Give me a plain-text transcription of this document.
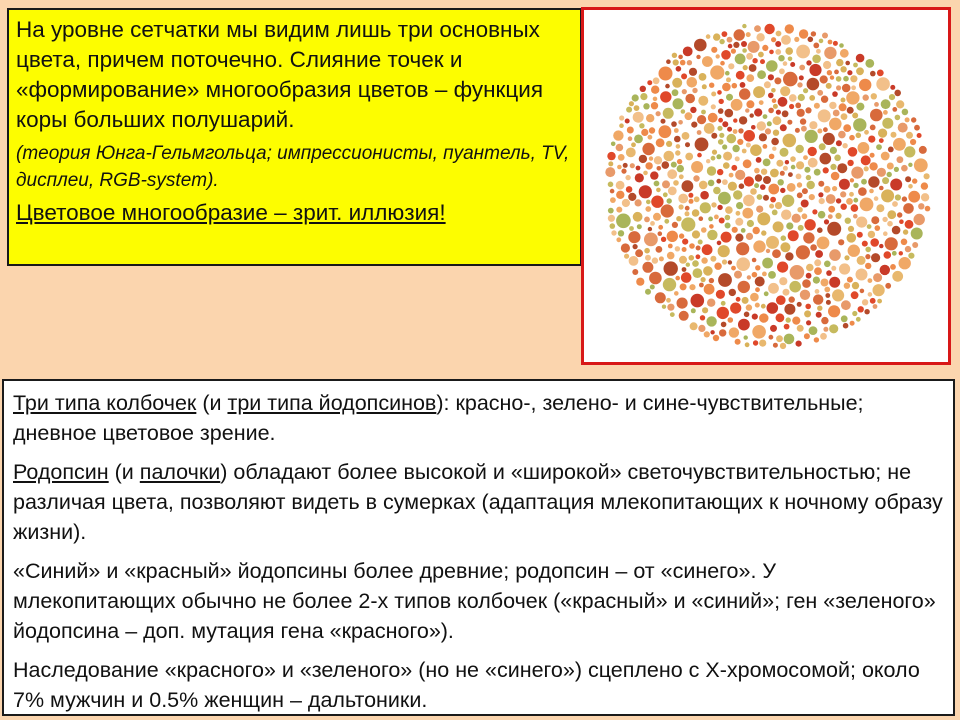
На уровне сетчатки мы видим лишь три основных цвета, причем поточечно. Слияние точек и «формирование» многообразия цветов – функция коры больших полушарий.

(теория Юнга-Гельмгольца; импрессионисты, пуантель, TV, дисплеи, RGB-system).

Цветовое многообразие – зрит. иллюзия!

Три типа колбочек (и три типа йодопсинов): красно-, зелено- и сине-чувствительные; дневное цветовое зрение.

Родопсин (и палочки) обладают более высокой и «широкой» светочувствительностью; не различая цвета, позволяют видеть в сумерках (адаптация млекопитающих к ночному образу жизни).

«Синий» и «красный» йодопсины более древние; родопсин – от «синего». У млекопитающих обычно не более 2-х типов колбочек («красный» и «синий»; ген «зеленого» йодопсина – доп. мутация гена «красного»).

Наследование «красного» и «зеленого» (но не «синего») сцеплено с Х-хромосомой; около 7% мужчин и 0.5% женщин – дальтоники.
